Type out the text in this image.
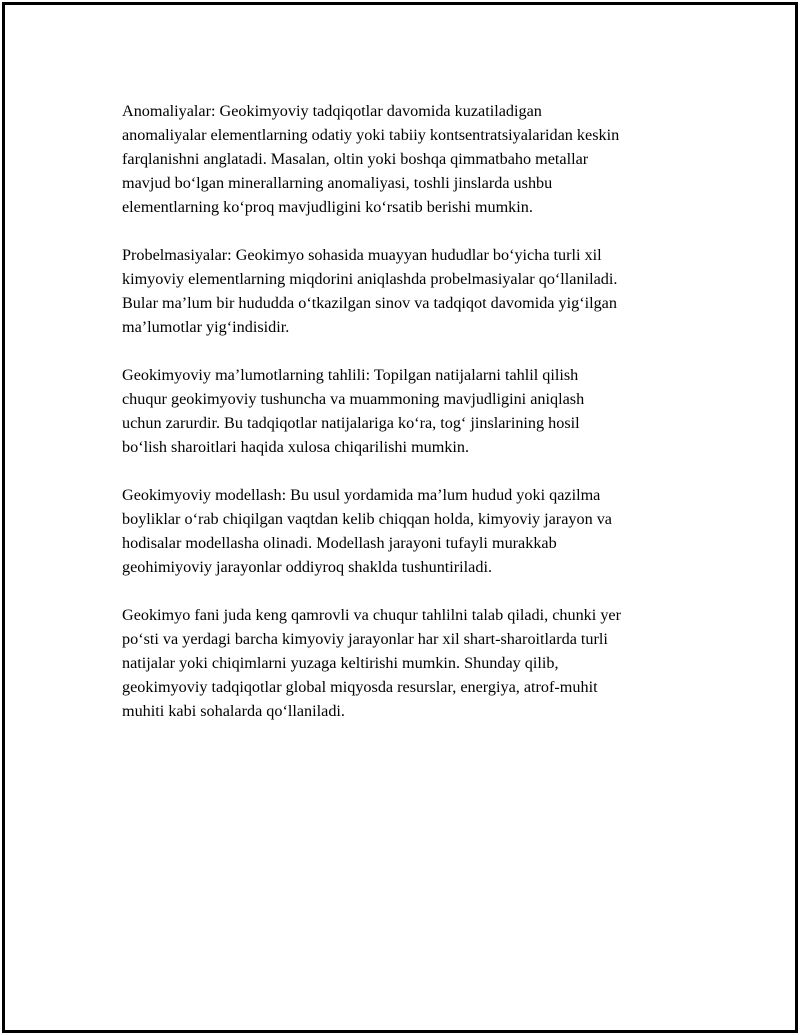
Anomaliyalar: Geokimyoviy tadqiqotlar davomida kuzatiladigan
anomaliyalar elementlarning odatiy yoki tabiiy kontsentratsiyalaridan keskin
farqlanishni anglatadi. Masalan, oltin yoki boshqa qimmatbaho metallar
mavjud bo‘lgan minerallarning anomaliyasi, toshli jinslarda ushbu
elementlarning ko‘proq mavjudligini ko‘rsatib berishi mumkin.

Probelmasiyalar: Geokimyo sohasida muayyan hududlar bo‘yicha turli xil
kimyoviy elementlarning miqdorini aniqlashda probelmasiyalar qo‘llaniladi.
Bular ma’lum bir hududda o‘tkazilgan sinov va tadqiqot davomida yig‘ilgan
ma’lumotlar yig‘indisidir.

Geokimyoviy ma’lumotlarning tahlili: Topilgan natijalarni tahlil qilish
chuqur geokimyoviy tushuncha va muammoning mavjudligini aniqlash
uchun zarurdir. Bu tadqiqotlar natijalariga ko‘ra, tog‘ jinslarining hosil
bo‘lish sharoitlari haqida xulosa chiqarilishi mumkin.

Geokimyoviy modellash: Bu usul yordamida ma’lum hudud yoki qazilma
boyliklar o‘rab chiqilgan vaqtdan kelib chiqqan holda, kimyoviy jarayon va
hodisalar modellasha olinadi. Modellash jarayoni tufayli murakkab
geohimiyoviy jarayonlar oddiyroq shaklda tushuntiriladi.

Geokimyo fani juda keng qamrovli va chuqur tahlilni talab qiladi, chunki yer
po‘sti va yerdagi barcha kimyoviy jarayonlar har xil shart-sharoitlarda turli
natijalar yoki chiqimlarni yuzaga keltirishi mumkin. Shunday qilib,
geokimyoviy tadqiqotlar global miqyosda resurslar, energiya, atrof-muhit
muhiti kabi sohalarda qo‘llaniladi.
